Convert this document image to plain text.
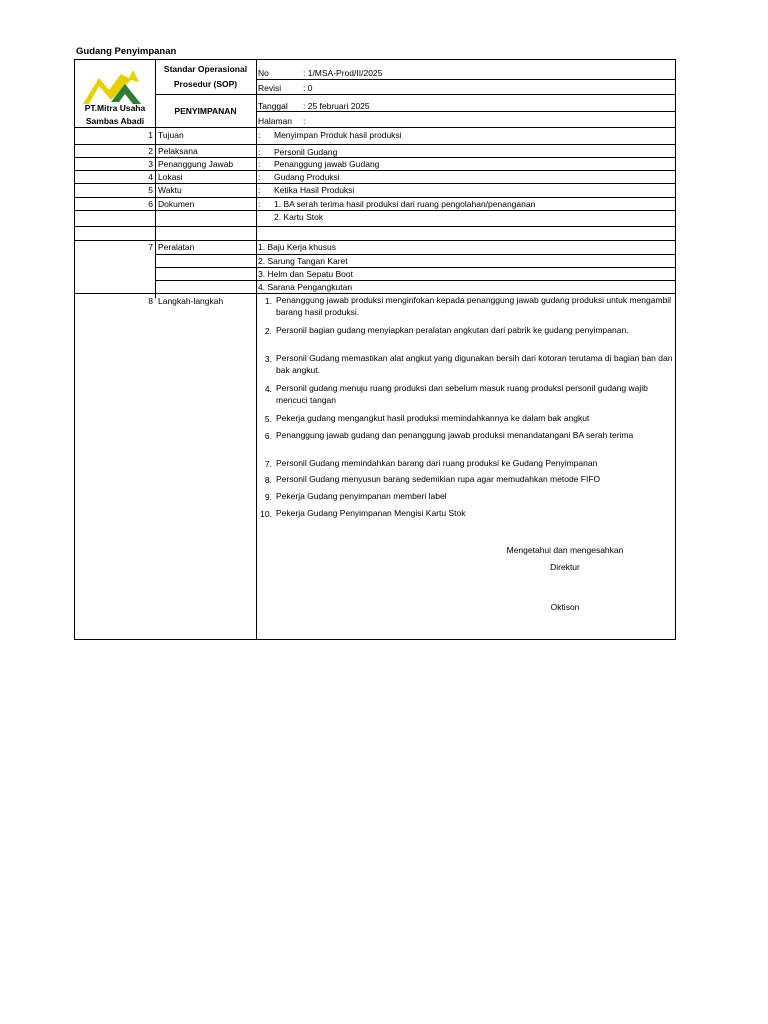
Gudang Penyimpanan
PT.Mitra Usaha
Sambas Abadi
Standar Operasional
Prosedur (SOP)
PENYIMPANAN
No	: 1/MSA-Prod/II/2025
Revisi	: 0
Tanggal : 25 februari 2025
Halaman :
1 Tujuan	: Menyimpan Produk hasil produksi
2 Pelaksana	: Personil Gudang
3 Penanggung Jawab	: Penanggung jawab Gudang
4 Lokasi	: Gudang Produksi
5 Waktu	: Ketika Hasil Produksi
6 Dokumen	: 1. BA serah terima hasil produksi dari ruang pengolahan/penanganan
2. Kartu Stok
7 Peralatan	1. Baju Kerja khusus
2. Sarung Tangan Karet
3. Helm dan Sepatu Boot
4. Sarana Pengangkutan
8 Langkah-langkah	1. Penanggung jawab produksi menginfokan kepada penanggung jawab gudang produksi untuk mengambil barang hasil produksi.
2. Personil bagian gudang menyiapkan peralatan angkutan dari pabrik ke gudang penyimpanan.
3. Personil Gudang memastikan alat angkut yang digunakan bersih dari kotoran terutama di bagian ban dan bak angkut.
4. Personil gudang menuju ruang produksi dan sebelum masuk ruang produksi personil gudang wajib mencuci tangan
5. Pekerja gudang mengangkut hasil produksi memindahkannya ke dalam bak angkut
6. Penanggung jawab gudang dan penanggung jawab produksi menandatangani BA serah terima
7. Personil Gudang memindahkan barang dari ruang produksi ke Gudang Penyimpanan
8. Personil Gudang menyusun barang sedemikian rupa agar memudahkan metode FIFO
9. Pekerja Gudang penyimpanan memberi label
10. Pekerja Gudang Penyimpanan Mengisi Kartu Stok
Mengetahui dan mengesahkan
Direktur
Oktison
